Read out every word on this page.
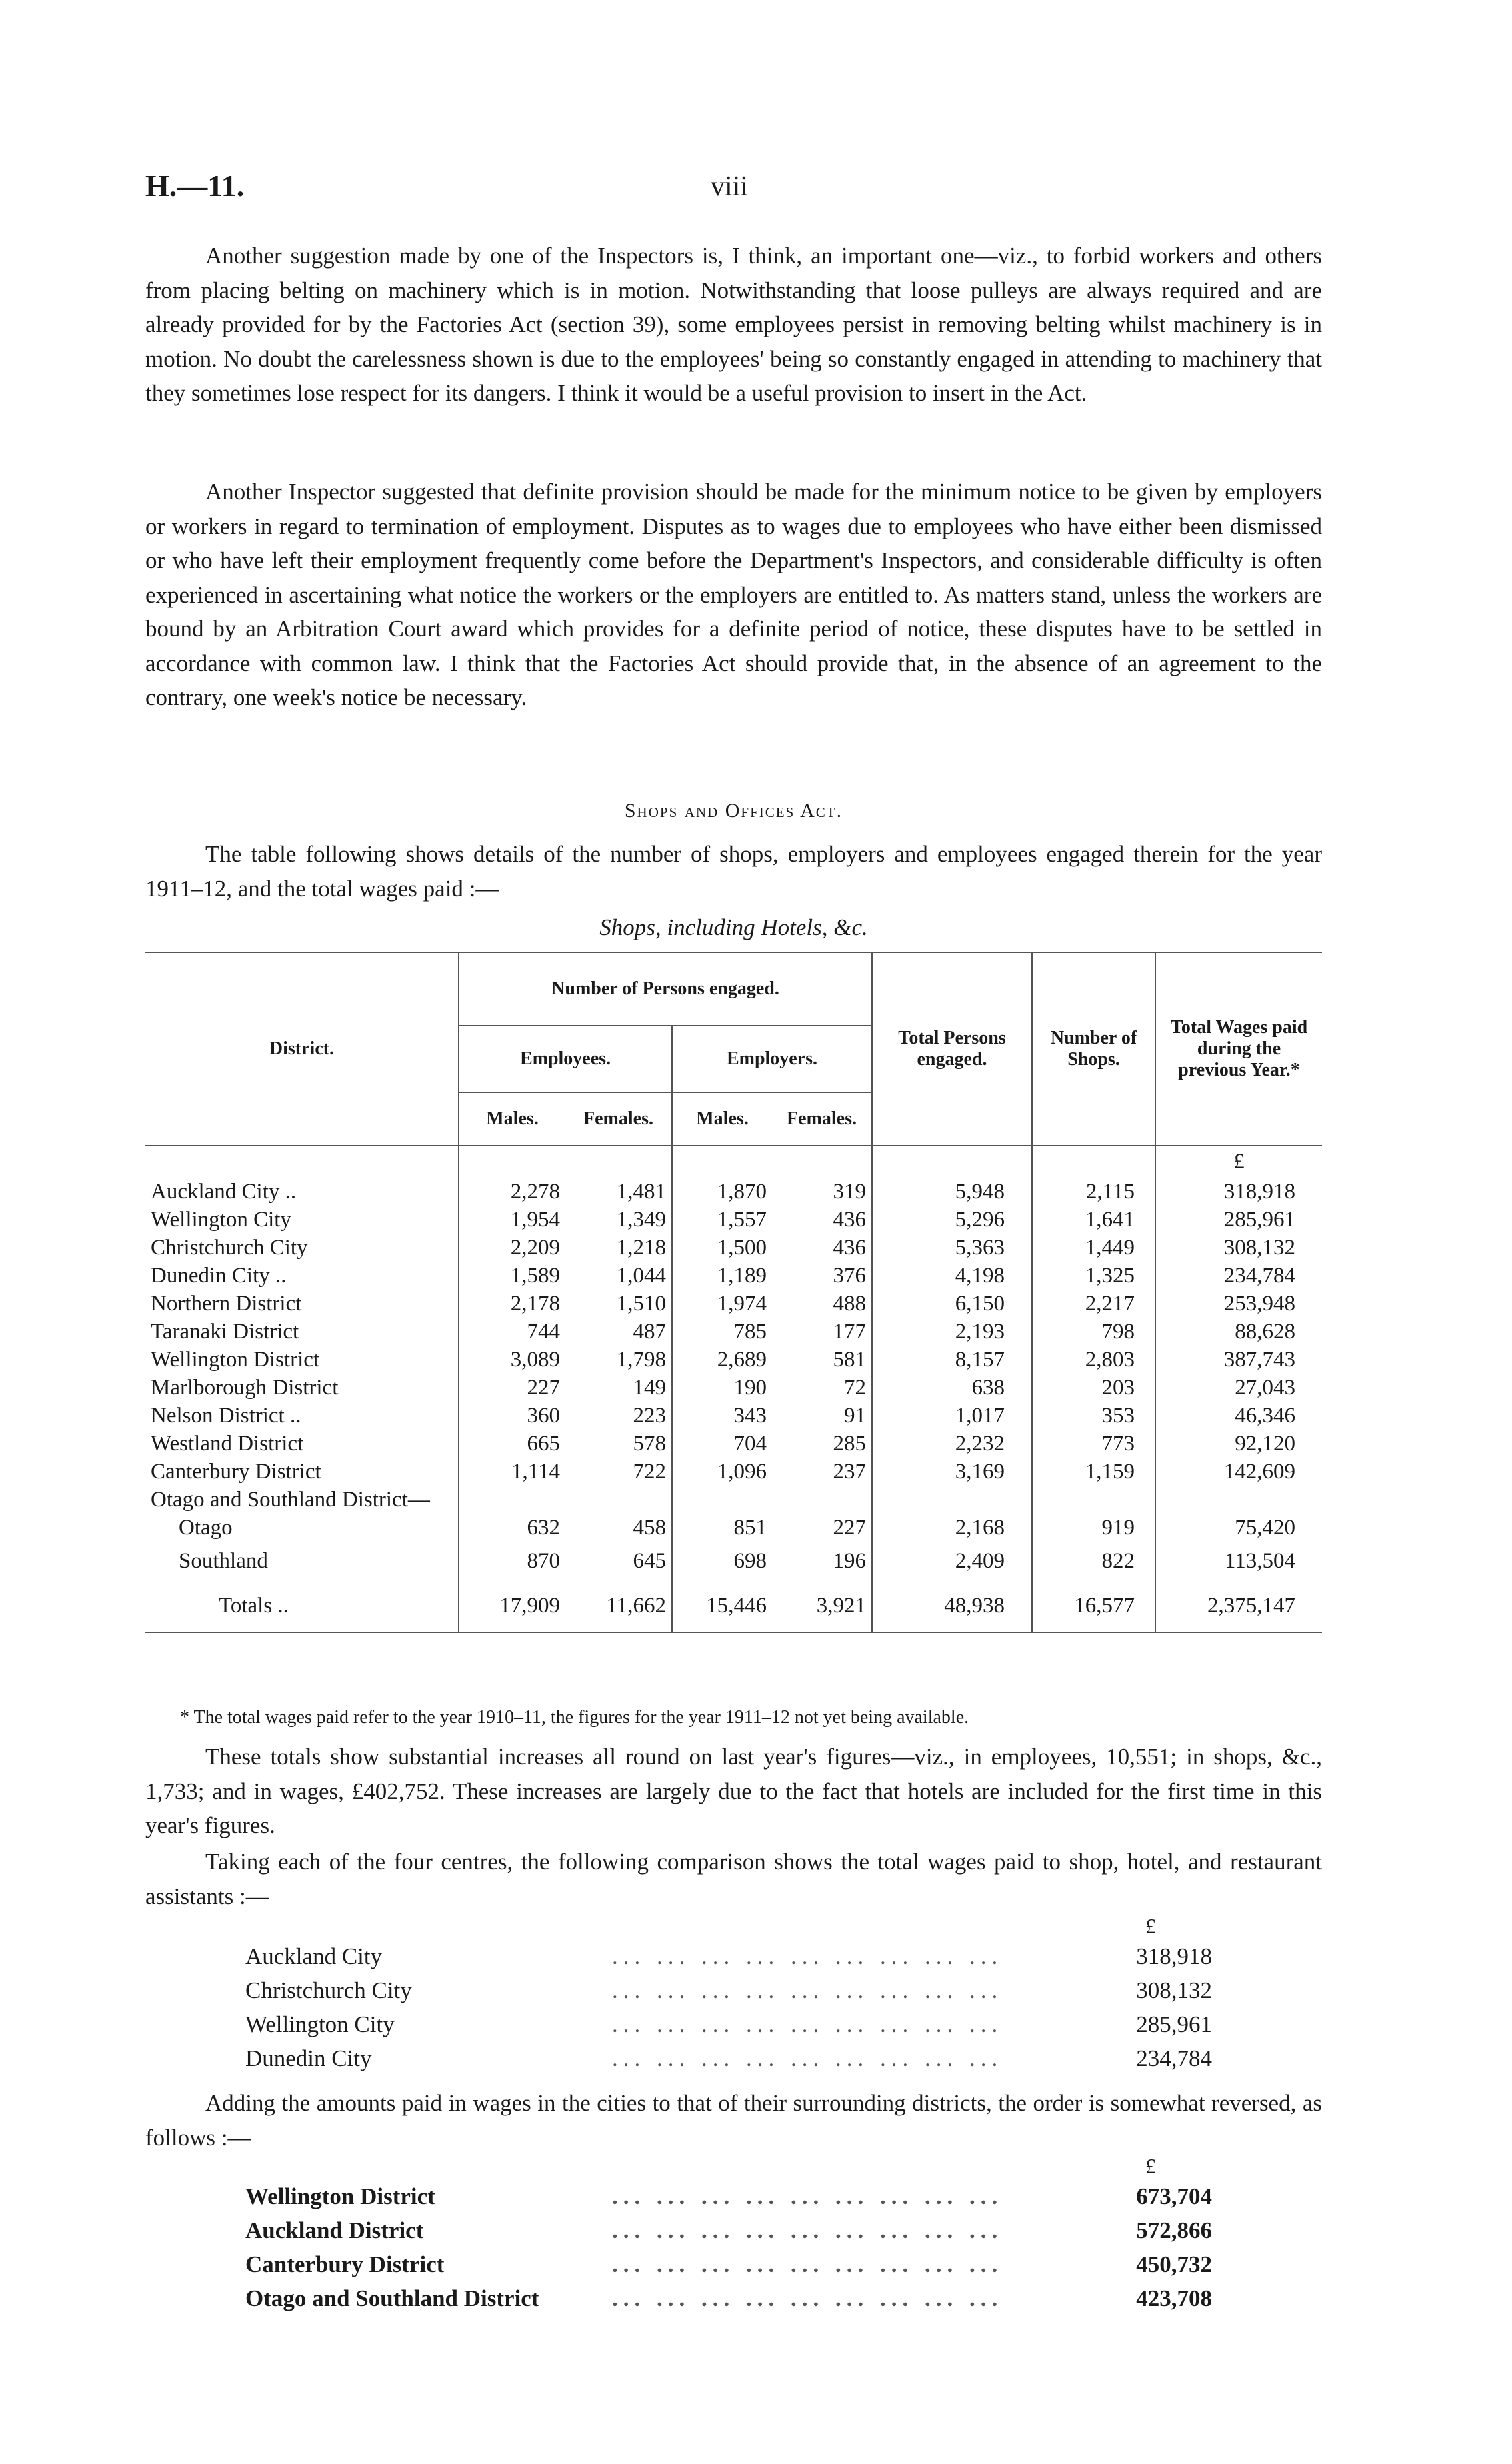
H.—11.	viii

Another suggestion made by one of the Inspectors is, I think, an important one—viz., to forbid workers and others from placing belting on machinery which is in motion. Notwithstanding that loose pulleys are always required and are already provided for by the Factories Act (section 39), some employees persist in removing belting whilst machinery is in motion. No doubt the carelessness shown is due to the employees' being so constantly engaged in attending to machinery that they sometimes lose respect for its dangers. I think it would be a useful provision to insert in the Act.

Another Inspector suggested that definite provision should be made for the minimum notice to be given by employers or workers in regard to termination of employment. Disputes as to wages due to employees who have either been dismissed or who have left their employment frequently come before the Department's Inspectors, and considerable difficulty is often experienced in ascertaining what notice the workers or the employers are entitled to. As matters stand, unless the workers are bound by an Arbitration Court award which provides for a definite period of notice, these disputes have to be settled in accordance with common law. I think that the Factories Act should provide that, in the absence of an agreement to the contrary, one week's notice be necessary.

Shops and Offices Act.

The table following shows details of the number of shops, employers and employees engaged therein for the year 1911–12, and the total wages paid :—

Shops, including Hotels, &c.
District.	Number of Persons engaged.				Total Persons engaged.	Number of Shops.	Total Wages paid during the previous Year.*
	Employees.		Employers.				
	Males.	Females.	Males.	Females.			
							£
Auckland City ..	2,278	1,481	1,870	319	5,948	2,115	318,918
Wellington City	1,954	1,349	1,557	436	5,296	1,641	285,961
Christchurch City	2,209	1,218	1,500	436	5,363	1,449	308,132
Dunedin City ..	1,589	1,044	1,189	376	4,198	1,325	234,784
Northern District	2,178	1,510	1,974	488	6,150	2,217	253,948
Taranaki District	744	487	785	177	2,193	798	88,628
Wellington District	3,089	1,798	2,689	581	8,157	2,803	387,743
Marlborough District	227	149	190	72	638	203	27,043
Nelson District ..	360	223	343	91	1,017	353	46,346
Westland District	665	578	704	285	2,232	773	92,120
Canterbury District	1,114	722	1,096	237	3,169	1,159	142,609
Otago and Southland District—							
Otago	632	458	851	227	2,168	919	75,420
Southland	870	645	698	196	2,409	822	113,504
Totals ..	17,909	11,662	15,446	3,921	48,938	16,577	2,375,147
* The total wages paid refer to the year 1910–11, the figures for the year 1911–12 not yet being available.

These totals show substantial increases all round on last year's figures—viz., in employees, 10,551; in shops, &c., 1,733; and in wages, £402,752. These increases are largely due to the fact that hotels are included for the first time in this year's figures.

Taking each of the four centres, the following comparison shows the total wages paid to shop, hotel, and restaurant assistants :—

£
Auckland City	... ... ... ... ... ... ... ... ...	318,918
Christchurch City	... ... ... ... ... ... ... ... ...	308,132
Wellington City	... ... ... ... ... ... ... ... ...	285,961
Dunedin City	... ... ... ... ... ... ... ... ...	234,784

Adding the amounts paid in wages in the cities to that of their surrounding districts, the order is somewhat reversed, as follows :—

£
Wellington District	... ... ... ... ... ... ... ... ...	673,704
Auckland District	... ... ... ... ... ... ... ... ...	572,866
Canterbury District	... ... ... ... ... ... ... ... ...	450,732
Otago and Southland District	... ... ... ... ... ... ... ... ...	423,708
